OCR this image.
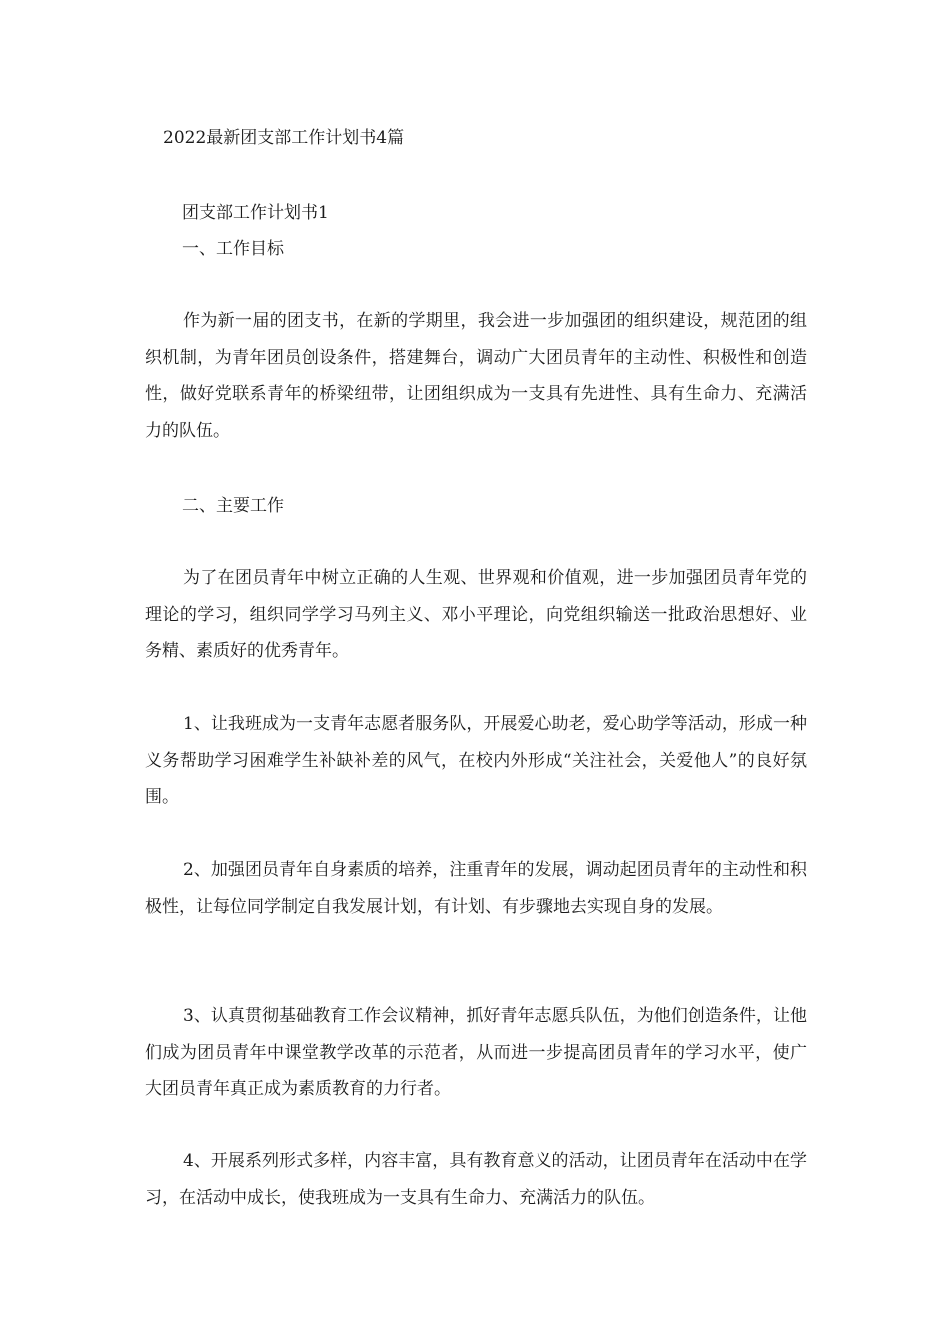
2022最新团支部工作计划书4篇
团支部工作计划书1
一、工作目标

作为新一届的团支书，在新的学期里，我会进一步加强团的组织建设，规范团的组织机制，为青年团员创设条件，搭建舞台，调动广大团员青年的主动性、积极性和创造性，做好党联系青年的桥梁纽带，让团组织成为一支具有先进性、具有生命力、充满活力的队伍。

二、主要工作

为了在团员青年中树立正确的人生观、世界观和价值观，进一步加强团员青年党的理论的学习，组织同学学习马列主义、邓小平理论，向党组织输送一批政治思想好、业务精、素质好的优秀青年。

1、让我班成为一支青年志愿者服务队，开展爱心助老，爱心助学等活动，形成一种义务帮助学习困难学生补缺补差的风气，在校内外形成“关注社会，关爱他人”的良好氛围。

2、加强团员青年自身素质的培养，注重青年的发展，调动起团员青年的主动性和积极性，让每位同学制定自我发展计划，有计划、有步骤地去实现自身的发展。

3、认真贯彻基础教育工作会议精神，抓好青年志愿兵队伍，为他们创造条件，让他们成为团员青年中课堂教学改革的示范者，从而进一步提高团员青年的学习水平，使广大团员青年真正成为素质教育的力行者。

4、开展系列形式多样，内容丰富，具有教育意义的活动，让团员青年在活动中在学习，在活动中成长，使我班成为一支具有生命力、充满活力的队伍。
